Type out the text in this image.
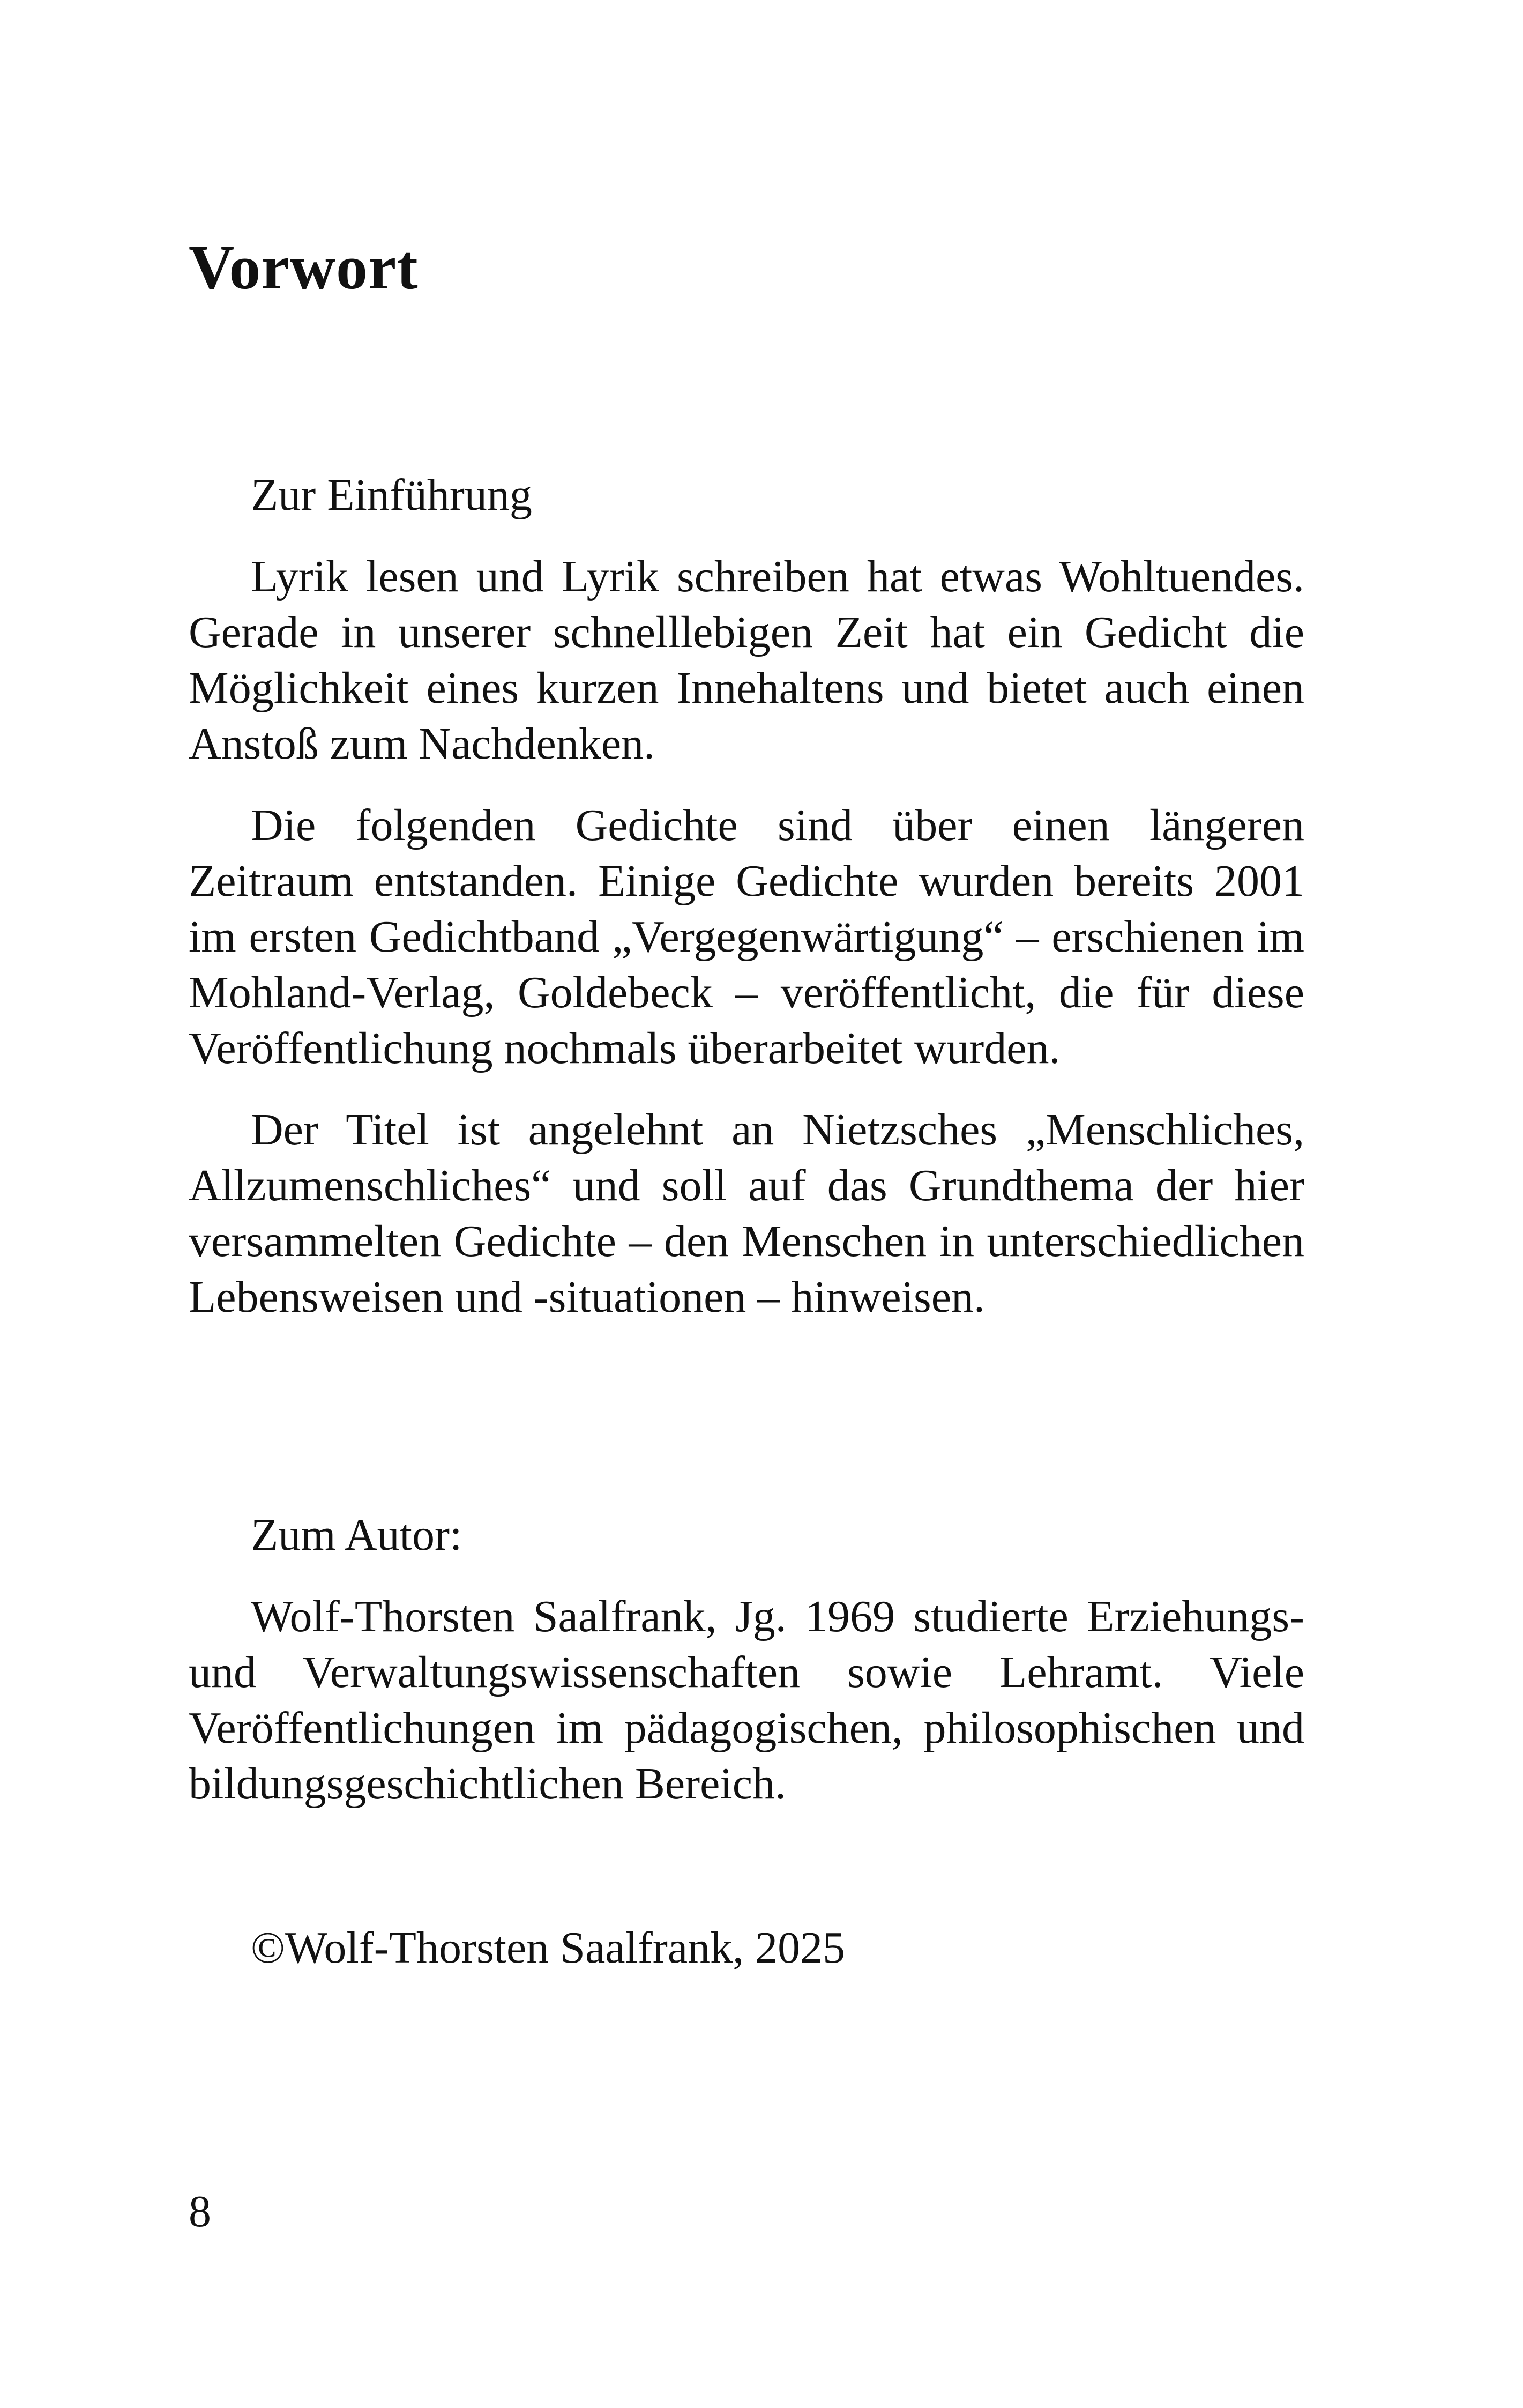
Vorwort

Zur Einführung

Lyrik lesen und Lyrik schreiben hat etwas Wohltuendes. Gerade in unserer schnelllebigen Zeit hat ein Gedicht die Möglichkeit eines kurzen Innehaltens und bietet auch einen Anstoß zum Nachdenken.

Die folgenden Gedichte sind über einen längeren Zeitraum entstanden. Einige Gedichte wurden bereits 2001 im ersten Gedichtband „Vergegenwärtigung“ – erschienen im Mohland-Verlag, Goldebeck – veröffentlicht, die für diese Veröffentlichung nochmals überarbeitet wurden.

Der Titel ist angelehnt an Nietzsches „Menschliches, Allzumenschliches“ und soll auf das Grundthema der hier versammelten Gedichte – den Menschen in unterschiedlichen Lebensweisen und -situationen – hinweisen.

Zum Autor:

Wolf-Thorsten Saalfrank, Jg. 1969 studierte Erziehungs- und Verwaltungswissenschaften sowie Lehramt. Viele Veröffentlichungen im pädagogischen, philosophischen und bildungsgeschichtlichen Bereich.

©Wolf-Thorsten Saalfrank, 2025

8
